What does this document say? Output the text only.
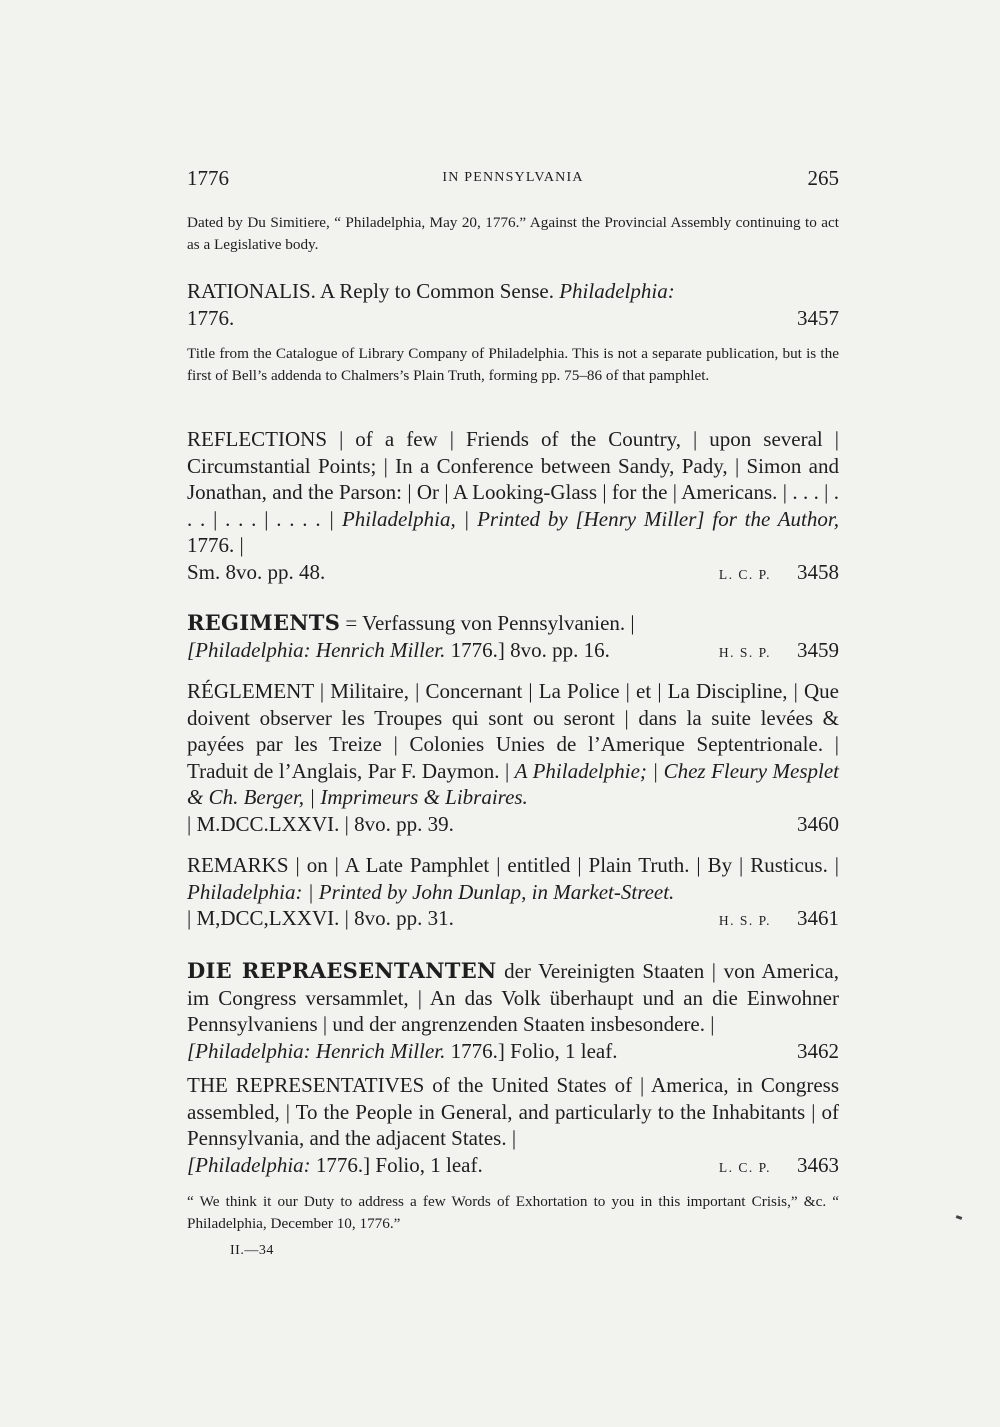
1776	IN PENNSYLVANIA	265
Dated by Du Simitiere, “ Philadelphia, May 20, 1776.” Against the Provincial Assembly continuing to act as a Legislative body.
RATIONALIS. A Reply to Common Sense. Philadelphia:
1776.	3457
Title from the Catalogue of Library Company of Philadelphia. This is not a separate publication, but is the first of Bell’s addenda to Chalmers’s Plain Truth, forming pp. 75–86 of that pamphlet.
REFLECTIONS | of a few | Friends of the Country, | upon several | Circumstantial Points; | In a Conference between Sandy, Pady, | Simon and Jonathan, and the Parson: | Or | A Looking-Glass | for the | Americans. | . . . | . . . | . . . | . . . . | Philadelphia, | Printed by [Henry Miller] for the Author, 1776. |
Sm. 8vo. pp. 48.	L. C. P. 3458
REGIMENTS = Verfassung von Pennsylvanien. |
[Philadelphia: Henrich Miller. 1776.] 8vo. pp. 16.	H. S. P. 3459
RÉGLEMENT | Militaire, | Concernant | La Police | et | La Discipline, | Que doivent observer les Troupes qui sont ou seront | dans la suite levées & payées par les Treize | Colonies Unies de l’Amerique Septentrionale. | Traduit de l’Anglais, Par F. Daymon. | A Philadelphie; | Chez Fleury Mesplet & Ch. Berger, | Imprimeurs & Libraires.
| M.DCC.LXXVI. | 8vo. pp. 39.	3460
REMARKS | on | A Late Pamphlet | entitled | Plain Truth. | By | Rusticus. | Philadelphia: | Printed by John Dunlap, in Market-Street.
| M,DCC,LXXVI. | 8vo. pp. 31.	H. S. P. 3461
DIE REPRAESENTANTEN der Vereinigten Staaten | von America, im Congress versammlet, | An das Volk überhaupt und an die Einwohner Pennsylvaniens | und der angrenzenden Staaten insbesondere. |
[Philadelphia: Henrich Miller. 1776.] Folio, 1 leaf.	3462
THE REPRESENTATIVES of the United States of | America, in Congress assembled, | To the People in General, and particularly to the Inhabitants | of Pennsylvania, and the adjacent States. |
[Philadelphia: 1776.] Folio, 1 leaf.	L. C. P. 3463
“ We think it our Duty to address a few Words of Exhortation to you in this important Crisis,” &c. “ Philadelphia, December 10, 1776.”
II.—34
